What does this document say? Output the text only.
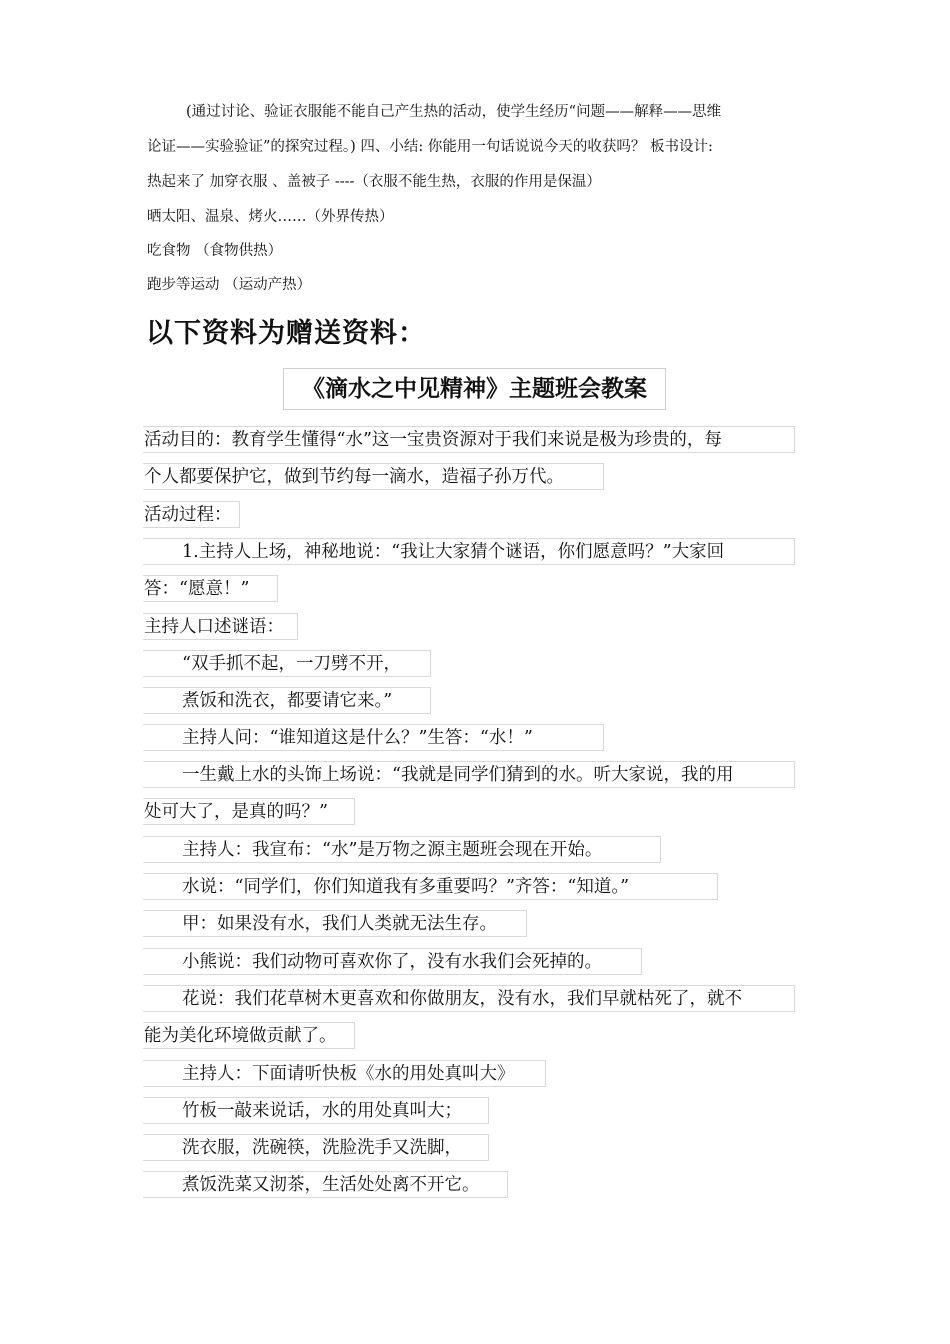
(通过讨论、验证衣服能不能自己产生热的活动，使学生经历“问题——解释——思维
论证——实验验证”的探究过程。) 四、小结: 你能用一句话说说今天的收获吗？ 板书设计:
热起来了 加穿衣服 、盖被子 ----（衣服不能生热，衣服的作用是保温）
晒太阳、温泉、烤火……（外界传热）
吃食物 （食物供热）
跑步等运动 （运动产热）
以下资料为赠送资料：
《滴水之中见精神》主题班会教案
活动目的：教育学生懂得“水”这一宝贵资源对于我们来说是极为珍贵的，每
个人都要保护它，做到节约每一滴水，造福子孙万代。
活动过程：
1.主持人上场，神秘地说：“我让大家猜个谜语，你们愿意吗？”大家回
答：“愿意！”
主持人口述谜语：
“双手抓不起，一刀劈不开，
煮饭和洗衣，都要请它来。”
主持人问：“谁知道这是什么？”生答：“水！”
一生戴上水的头饰上场说：“我就是同学们猜到的水。听大家说，我的用
处可大了，是真的吗？”
主持人：我宣布：“水”是万物之源主题班会现在开始。
水说：“同学们，你们知道我有多重要吗？”齐答：“知道。”
甲：如果没有水，我们人类就无法生存。
小熊说：我们动物可喜欢你了，没有水我们会死掉的。
花说：我们花草树木更喜欢和你做朋友，没有水，我们早就枯死了，就不
能为美化环境做贡献了。
主持人：下面请听快板《水的用处真叫大》
竹板一敲来说话，水的用处真叫大；
洗衣服，洗碗筷，洗脸洗手又洗脚，
煮饭洗菜又沏茶，生活处处离不开它。
